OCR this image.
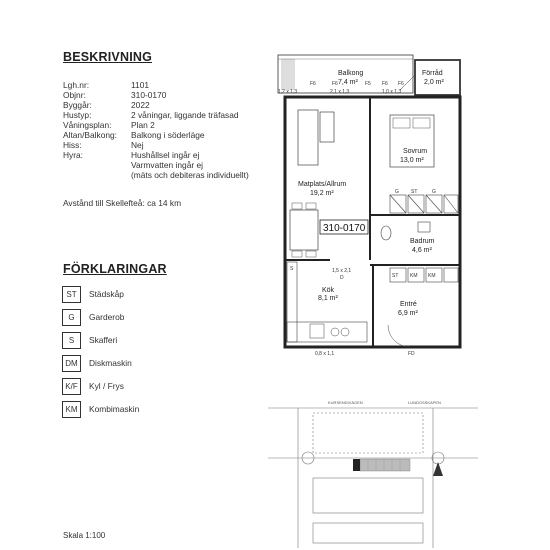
BESKRIVNING
Lgh.nr:	1101
Objnr:	310-0170
Byggår:	2022
Hustyp:	2 våningar, liggande träfasad
Våningsplan:	Plan 2
Altan/Balkong:	Balkong i söderläge
Hiss:	Nej
Hyra:	Hushållsel ingår ej
Varmvatten ingår ej
(mäts och debiteras individuellt)
Avstånd till Skellefteå: ca 14 km
FÖRKLARINGAR
ST	Städskåp
G	Garderob
S	Skafferi
DM	Diskmaskin
K/F	Kyl / Frys
KM	Kombimaskin
Skala 1:100
Balkong
7,4 m²
Förråd
2,0 m²
F6	F6	F5 F6 F6
1,2 x 1,3	2,1 x 1,3	1,0 x 1,3
Matplats/Allrum
19,2 m²
Sovrum
13,0 m²
G ST	G
310-0170
Badrum
4,6 m²
S
Kök
8,1 m²
1,5 x 2,1
D	ST KM KM
Entré
6,9 m²
0,8 x 1,1	FD
KURSENDIVÄGEN	LUNDOSSKAPEN
